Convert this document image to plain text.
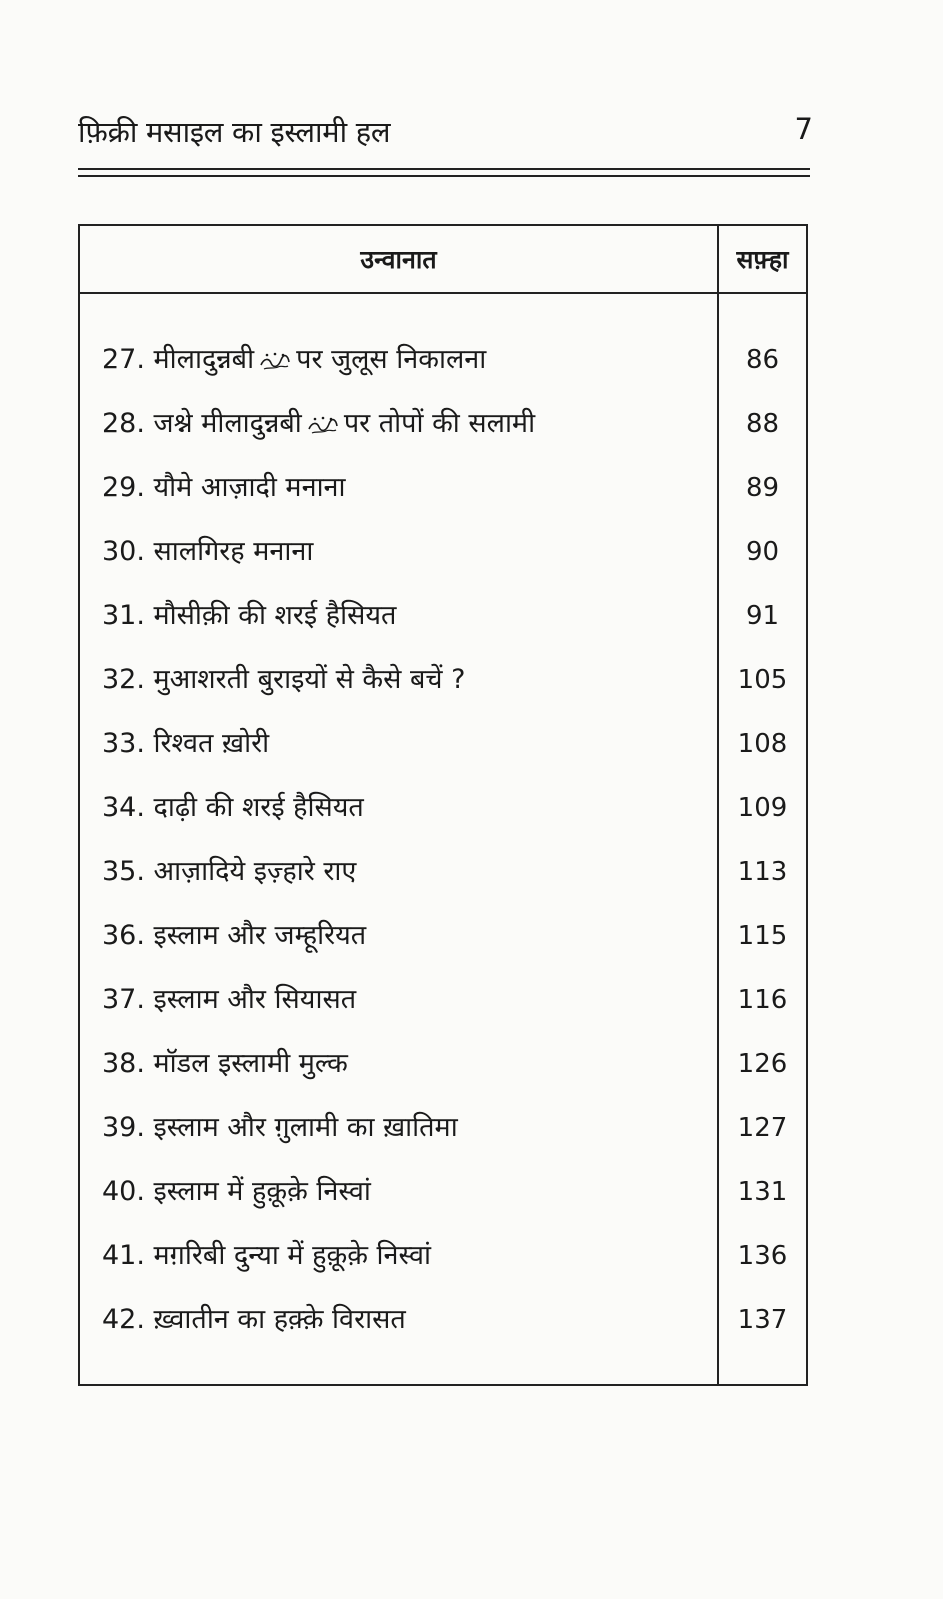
फ़िक्री मसाइल का इस्लामी हल	7
उन्वानात	सफ़्हा
27. मीलादुन्नबी पर जुलूस निकालना	86
28. जश्ने मीलादुन्नबी पर तोपों की सलामी	88
29. यौमे आज़ादी मनाना	89
30. सालगिरह मनाना	90
31. मौसीक़ी की शरई हैसियत	91
32. मुआशरती बुराइयों से कैसे बचें ?	105
33. रिश्वत ख़ोरी	108
34. दाढ़ी की शरई हैसियत	109
35. आज़ादिये इज़्हारे राए	113
36. इस्लाम और जम्हूरियत	115
37. इस्लाम और सियासत	116
38. मॉडल इस्लामी मुल्क	126
39. इस्लाम और ग़ुलामी का ख़ातिमा	127
40. इस्लाम में हुक़ूक़े निस्वां	131
41. मग़रिबी दुन्या में हुक़ूक़े निस्वां	136
42. ख़्वातीन का हक़्क़े विरासत	137
